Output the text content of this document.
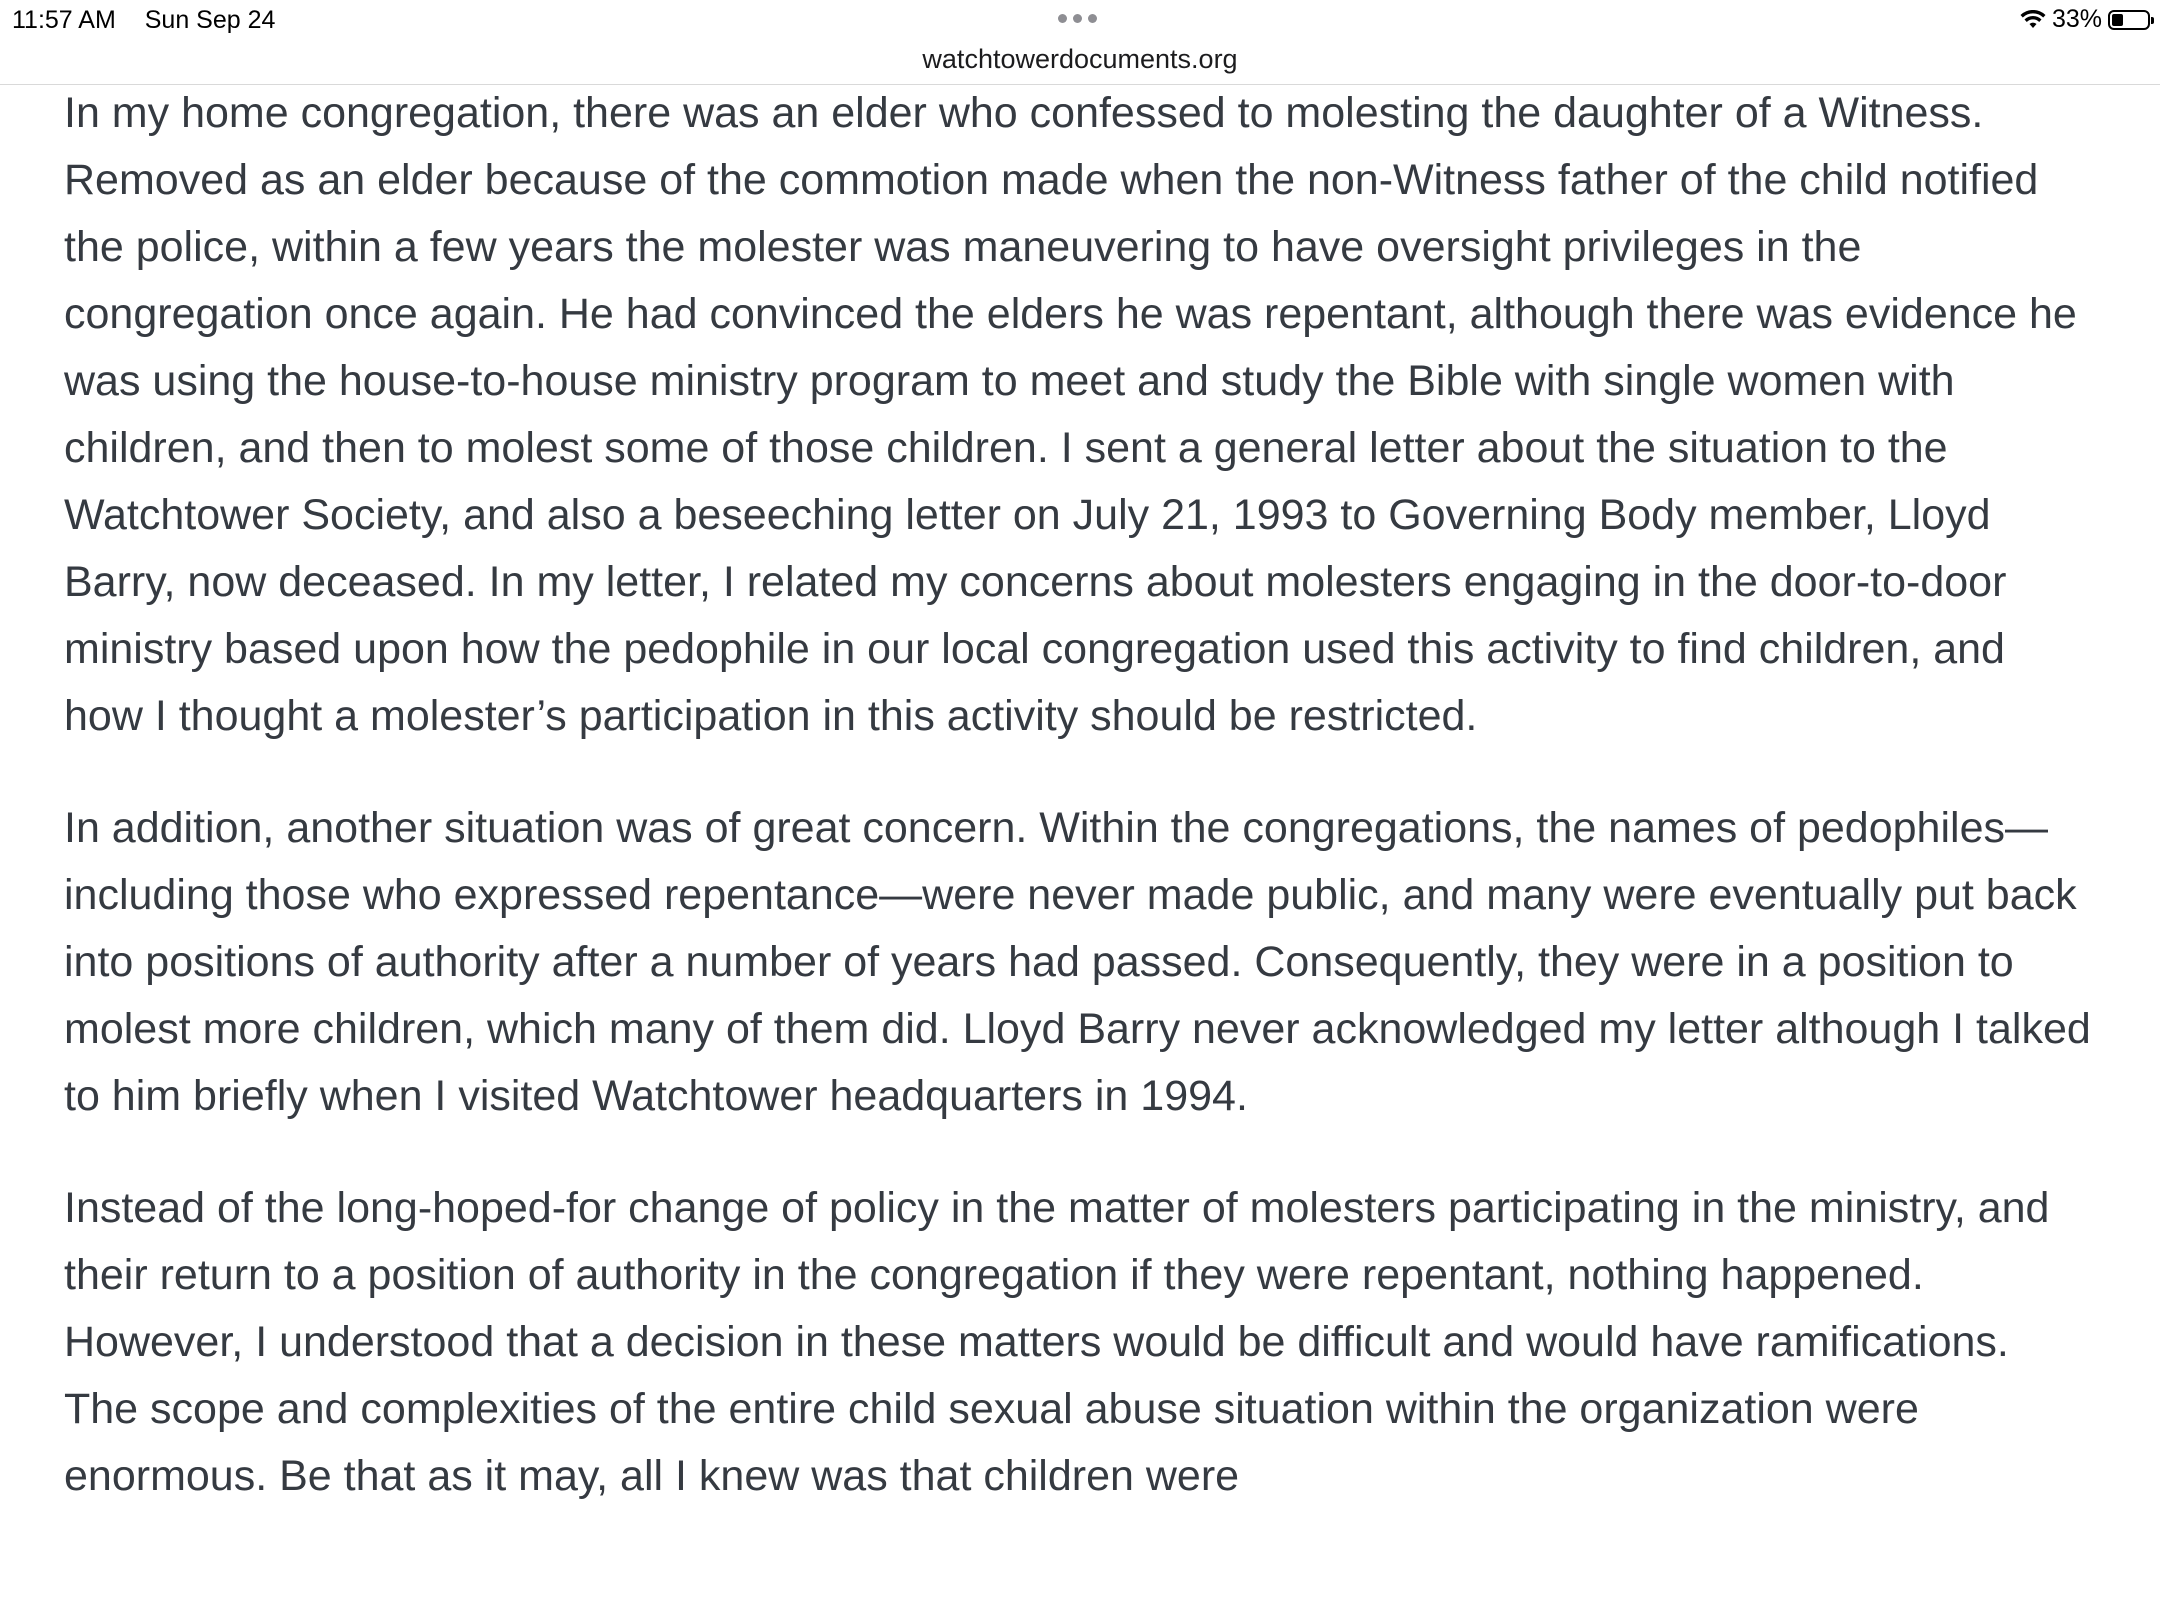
11:57 AM Sun Sep 24	33%
watchtowerdocuments.org

In my home congregation, there was an elder who confessed to molesting the daughter of a Witness. Removed as an elder because of the commotion made when the non-Witness father of the child notified the police, within a few years the molester was maneuvering to have oversight privileges in the congregation once again. He had convinced the elders he was repentant, although there was evidence he was using the house-to-house ministry program to meet and study the Bible with single women with children, and then to molest some of those children. I sent a general letter about the situation to the Watchtower Society, and also a beseeching letter on July 21, 1993 to Governing Body member, Lloyd Barry, now deceased. In my letter, I related my concerns about molesters engaging in the door-to-door ministry based upon how the pedophile in our local congregation used this activity to find children, and how I thought a molester’s participation in this activity should be restricted.

In addition, another situation was of great concern. Within the congregations, the names of pedophiles—including those who expressed repentance—were never made public, and many were eventually put back into positions of authority after a number of years had passed. Consequently, they were in a position to molest more children, which many of them did. Lloyd Barry never acknowledged my letter although I talked to him briefly when I visited Watchtower headquarters in 1994.

Instead of the long-hoped-for change of policy in the matter of molesters participating in the ministry, and their return to a position of authority in the congregation if they were repentant, nothing happened. However, I understood that a decision in these matters would be difficult and would have ramifications. The scope and complexities of the entire child sexual abuse situation within the organization were enormous. Be that as it may, all I knew was that children were
